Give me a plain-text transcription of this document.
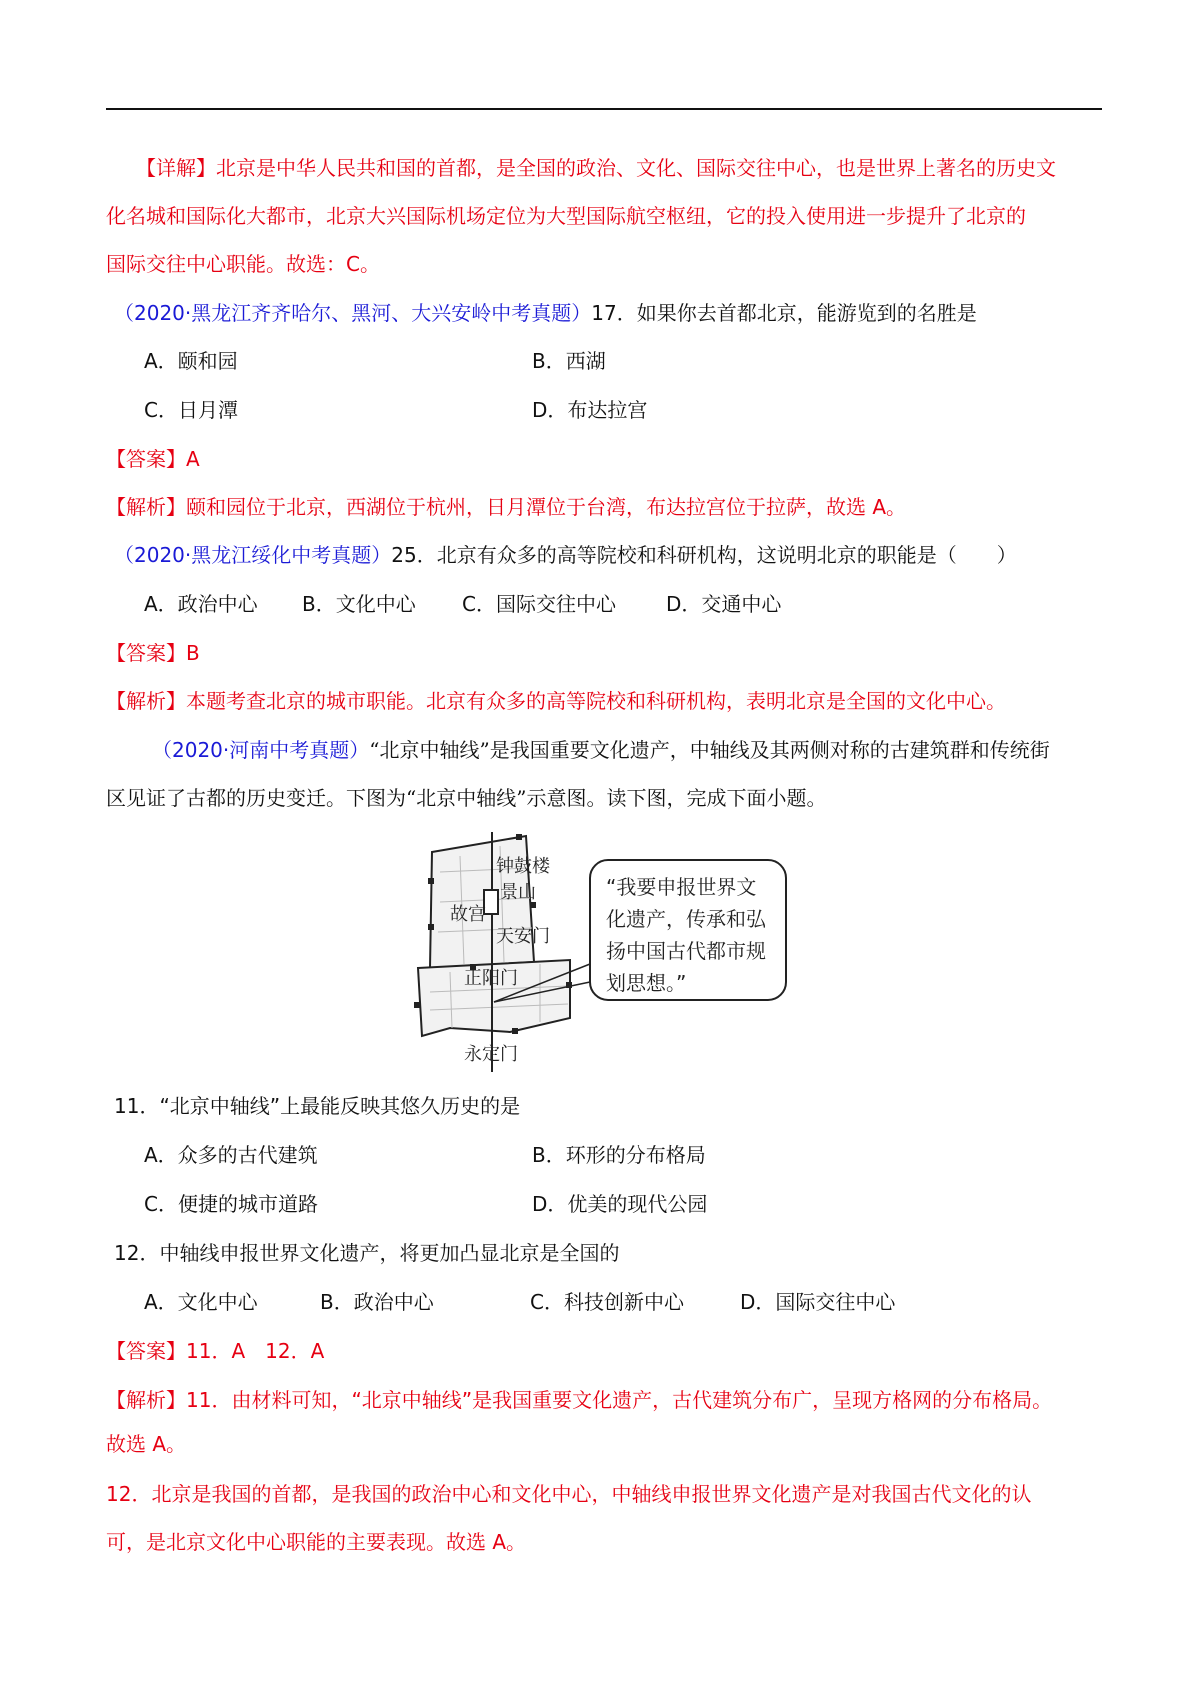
【详解】北京是中华人民共和国的首都，是全国的政治、文化、国际交往中心，也是世界上著名的历史文
化名城和国际化大都市，北京大兴国际机场定位为大型国际航空枢纽，它的投入使用进一步提升了北京的
国际交往中心职能。故选：C。
（2020·黑龙江齐齐哈尔、黑河、大兴安岭中考真题）17．如果你去首都北京，能游览到的名胜是
A．颐和园	B．西湖
C．日月潭	D．布达拉宫
【答案】A
【解析】颐和园位于北京，西湖位于杭州，日月潭位于台湾，布达拉宫位于拉萨，故选 A。
（2020·黑龙江绥化中考真题）25．北京有众多的高等院校和科研机构，这说明北京的职能是（　　）
A．政治中心 B．文化中心 C．国际交往中心	D．交通中心
【答案】B
【解析】本题考查北京的城市职能。北京有众多的高等院校和科研机构，表明北京是全国的文化中心。
（2020·河南中考真题）“北京中轴线”是我国重要文化遗产，中轴线及其两侧对称的古建筑群和传统街
区见证了古都的历史变迁。下图为“北京中轴线”示意图。读下图，完成下面小题。
钟鼓楼
景山
故宫
天安门
正阳门
永定门
“我要申报世界文
化遗产，传承和弘
扬中国古代都市规
划思想。”
11．“北京中轴线”上最能反映其悠久历史的是
A．众多的古代建筑	B．环形的分布格局
C．便捷的城市道路	D．优美的现代公园
12．中轴线申报世界文化遗产，将更加凸显北京是全国的
A．文化中心	B．政治中心	C．科技创新中心	D．国际交往中心
【答案】11．A　12．A
【解析】11．由材料可知，“北京中轴线”是我国重要文化遗产，古代建筑分布广，呈现方格网的分布格局。
故选 A。
12．北京是我国的首都，是我国的政治中心和文化中心，中轴线申报世界文化遗产是对我国古代文化的认
可，是北京文化中心职能的主要表现。故选 A。
